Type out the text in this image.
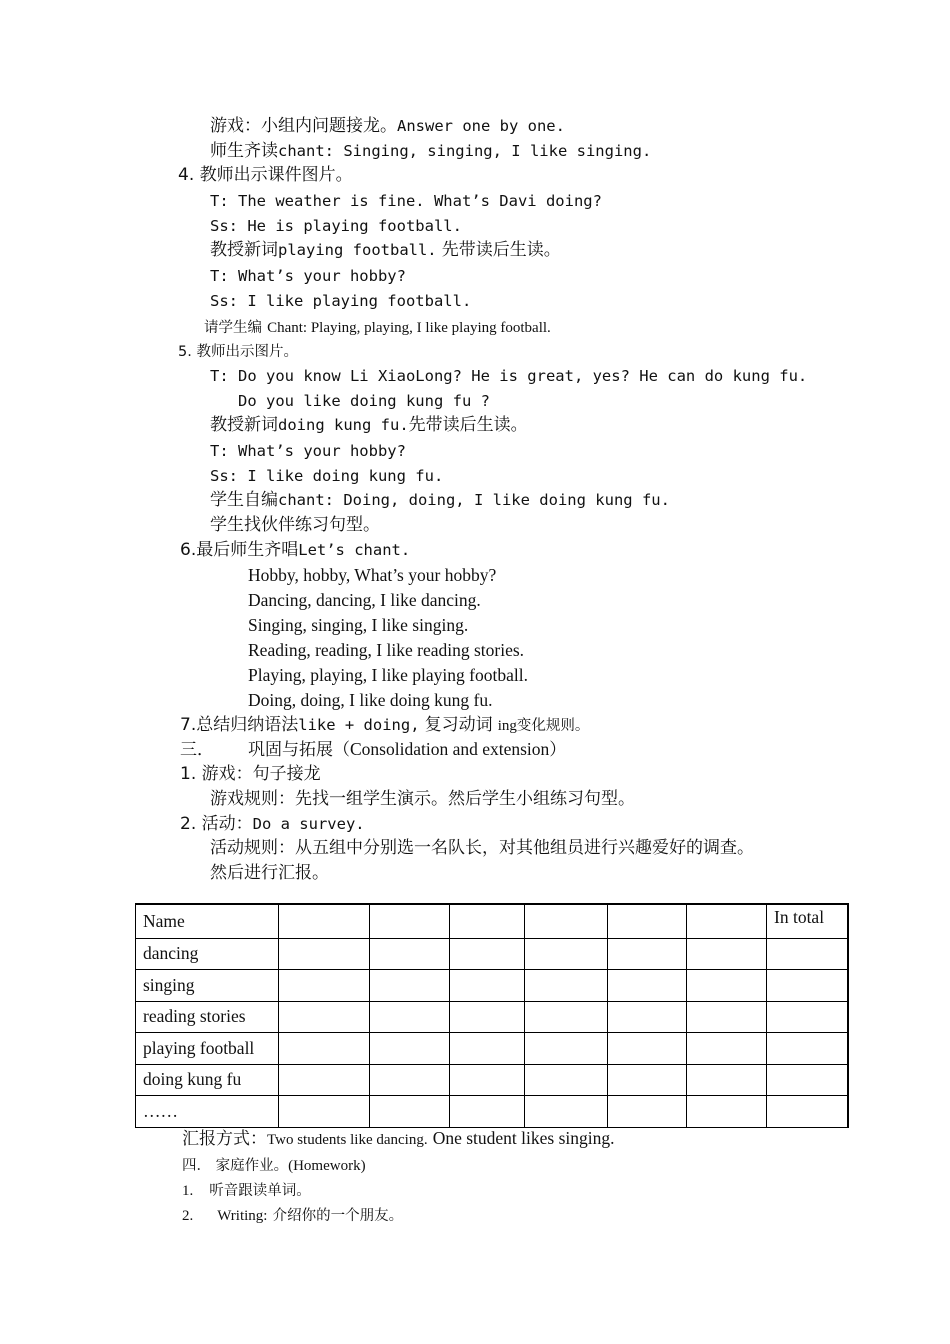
游戏：小组内问题接龙。Answer one by one.
师生齐读chant: Singing, singing, I like singing.
4. 教师出示课件图片。
T: The weather is fine. What’s Davi doing?
Ss: He is playing football.
教授新词playing football. 先带读后生读。
T: What’s your hobby?
Ss: I like playing football.
请学生编 Chant: Playing, playing, I like playing football.
5. 教师出示图片。
T: Do you know Li XiaoLong? He is great, yes? He can do kung fu.
Do you like doing kung fu ?
教授新词doing kung fu.先带读后生读。
T: What’s your hobby?
Ss: I like doing kung fu.
学生自编chant: Doing, doing, I like doing kung fu.
学生找伙伴练习句型。
6.最后师生齐唱Let’s chant.
Hobby, hobby, What’s your hobby?
Dancing, dancing, I like dancing.
Singing, singing, I like singing.
Reading, reading, I like reading stories.
Playing, playing, I like playing football.
Doing, doing, I like doing kung fu.
7.总结归纳语法like + doing, 复习动词 ing变化规则。
三． 巩固与拓展（Consolidation and extension）
1. 游戏：句子接龙
游戏规则：先找一组学生演示。然后学生小组练习句型。
2. 活动：Do a survey.
活动规则：从五组中分别选一名队长，对其他组员进行兴趣爱好的调查。
然后进行汇报。
Name							In total
dancing							
singing							
reading stories							
playing football							
doing kung fu							
……							
汇报方式：Two students like dancing. One student likes singing.
四． 家庭作业。(Homework)
1. 听音跟读单词。
2. Writing: 介绍你的一个朋友。
